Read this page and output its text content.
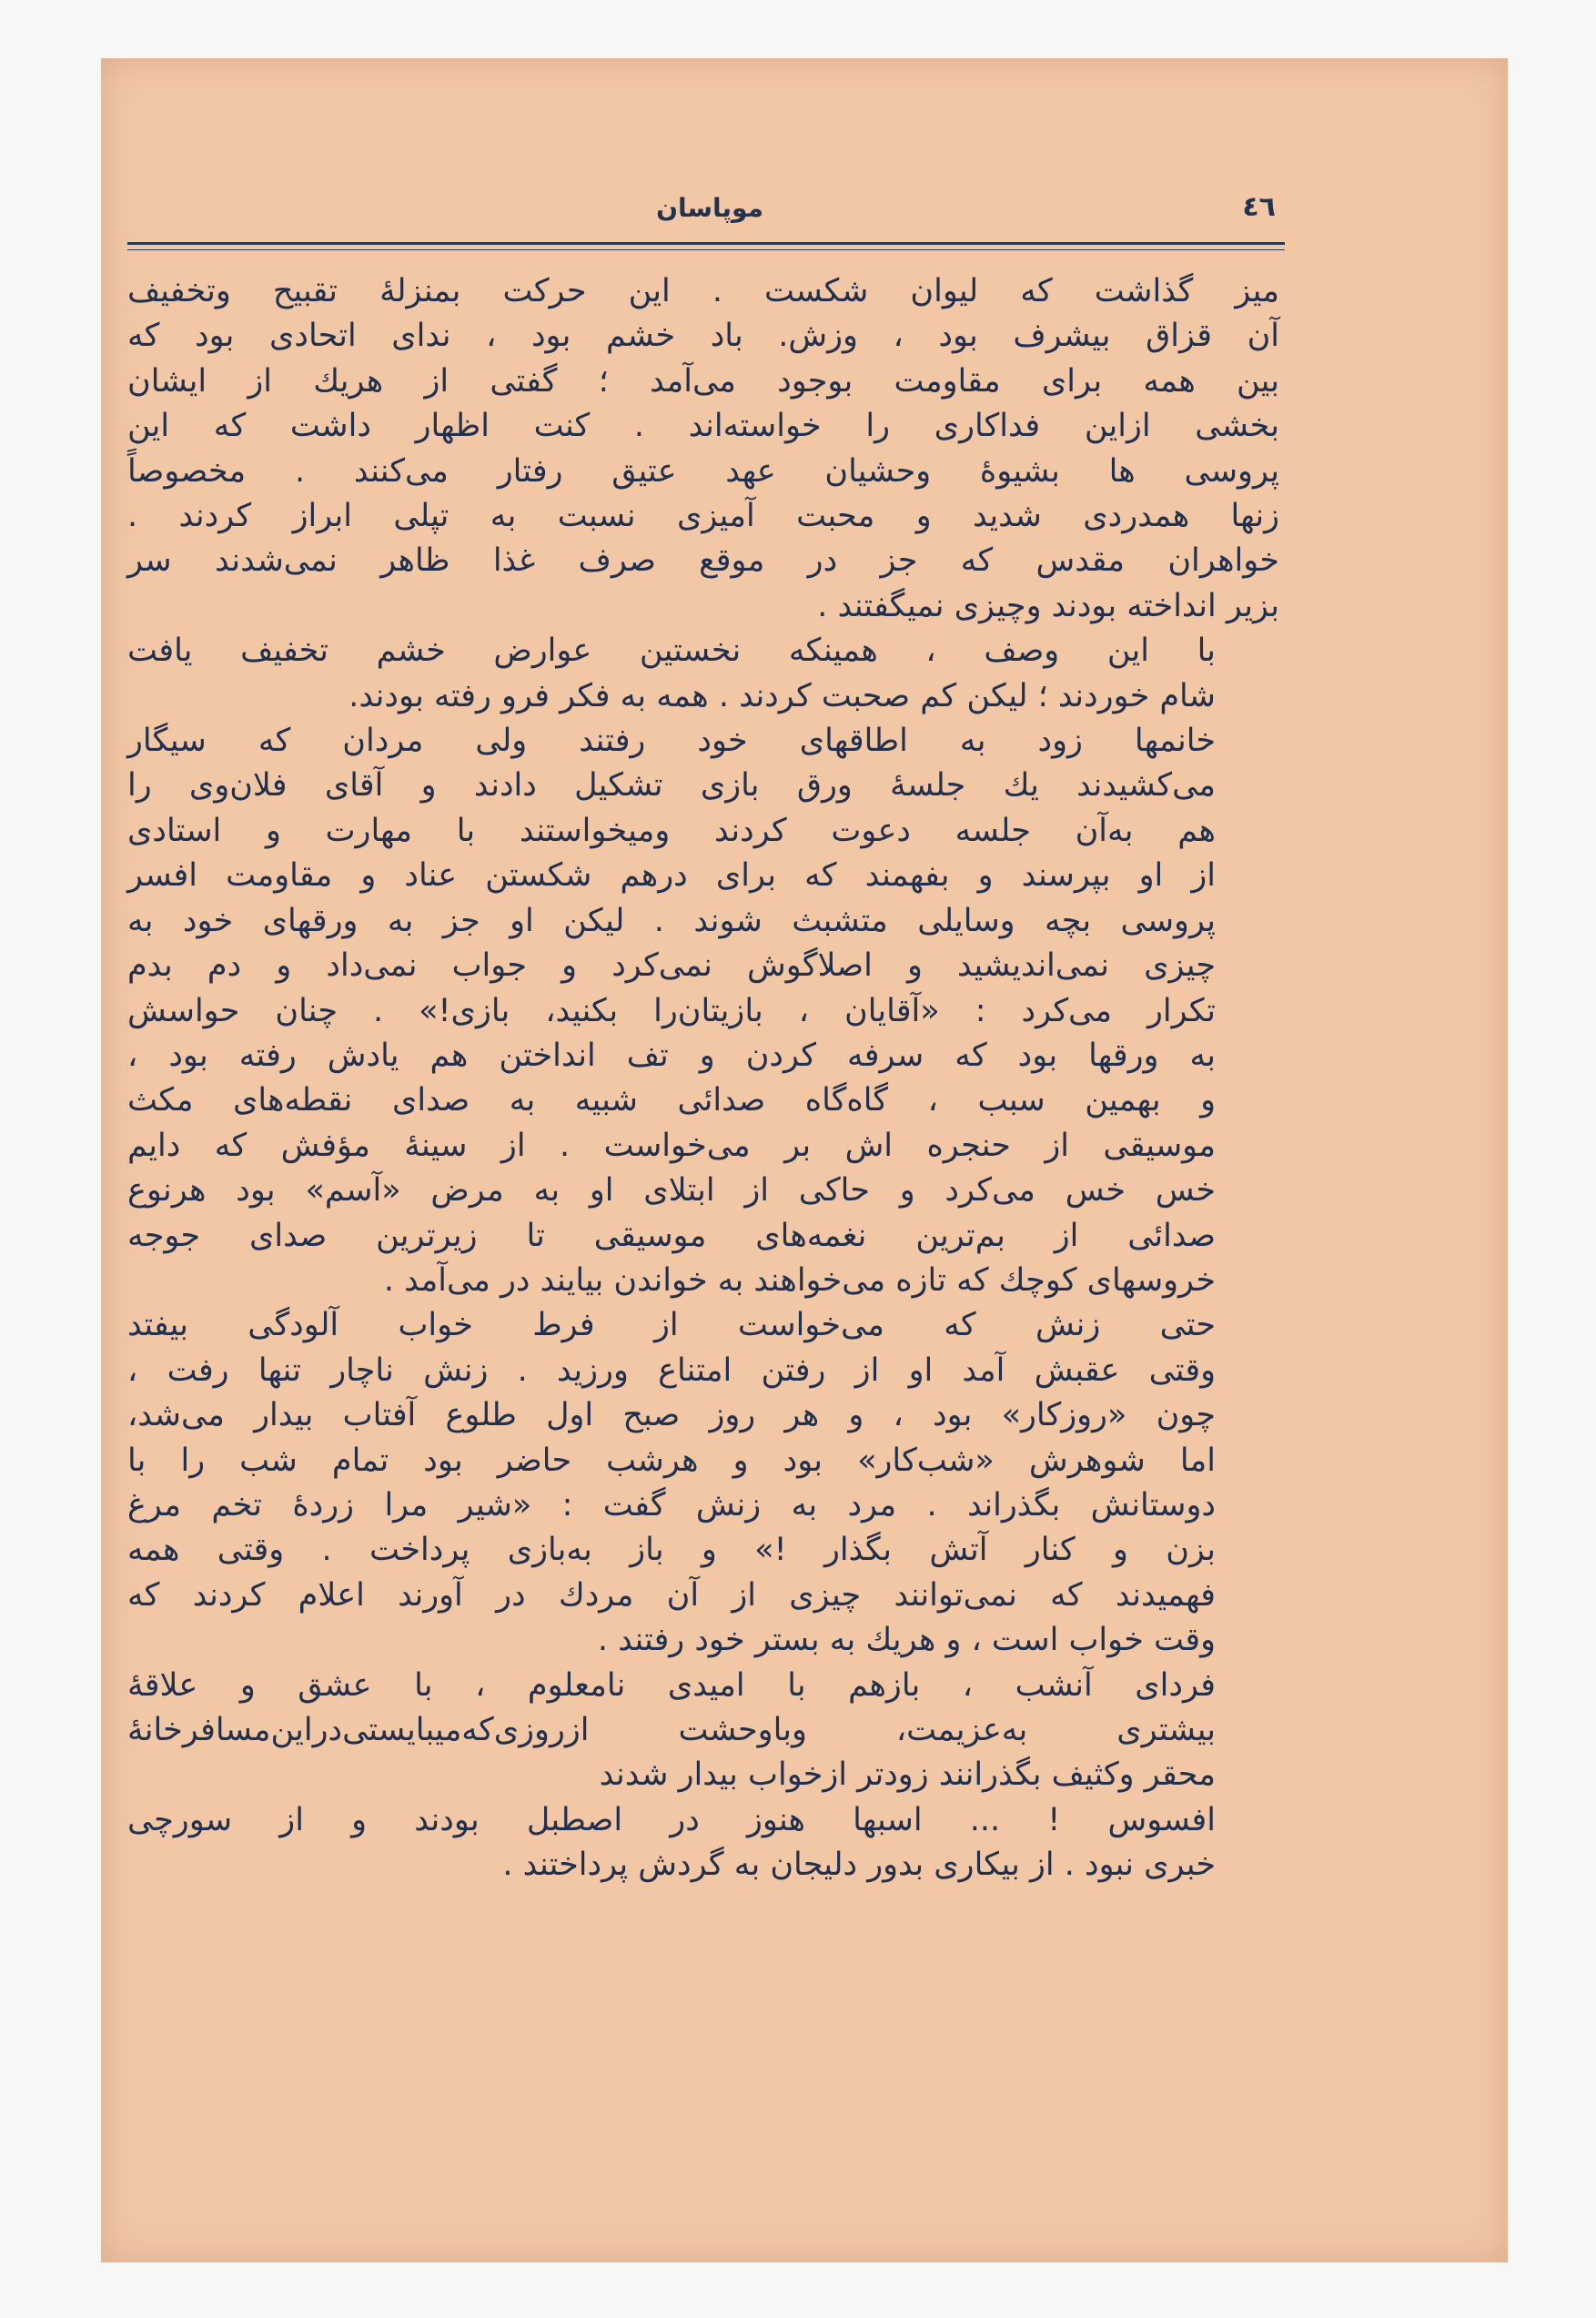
٤٦
موپاسان

میز گذاشت که لیوان شکست . این حرکت بمنزلهٔ تقبیح وتخفیف
آن قزاق بیشرف بود ، وزش. باد خشم بود ، ندای اتحادی بود که
بین همه برای مقاومت بوجود می‌آمد ؛ گفتی از هریك از ایشان
بخشی ازاین فداکاری را خواسته‌اند . کنت اظهار داشت که این
پروسی ها بشیوهٔ وحشیان عهد عتیق رفتار می‌کنند . مخصوصاً
زنها همدردی شدید و محبت آمیزی نسبت به تپلی ابراز کردند .
خواهران مقدس که جز در موقع صرف غذا ظاهر نمی‌شدند سر
بزیر انداخته بودند وچیزی نمیگفتند .

با این وصف ، همینکه نخستین عوارض خشم تخفیف یافت
شام خوردند ؛ لیکن کم صحبت کردند . همه به فکر فرو رفته بودند.

خانمها زود به اطاقهای خود رفتند ولی مردان که سیگار
می‌کشیدند یك جلسهٔ ورق بازی تشکیل دادند و آقای فلان‌وی را
هم به‌آن جلسه دعوت کردند ومیخواستند با مهارت و استادی
از او بپرسند و بفهمند که برای درهم شکستن عناد و مقاومت افسر
پروسی بچه وسایلی متشبث شوند . لیکن او جز به ورقهای خود به
چیزی نمی‌اندیشید و اصلاگوش نمی‌کرد و جواب نمی‌داد و دم بدم
تکرار می‌کرد : «آقایان ، بازیتان‌را بکنید، بازی!» . چنان حواسش
به ورقها بود که سرفه کردن و تف انداختن هم یادش رفته بود ،
و بهمین سبب ، گاه‌گاه صدائی شبیه به صدای نقطه‌های مکث
موسیقی از حنجره اش بر می‌خواست . از سینهٔ مؤفش که دایم
خس خس می‌کرد و حاکی از ابتلای او به مرض «آسم» بود هرنوع
صدائی از بم‌ترین نغمه‌های موسیقی تا زیرترین صدای جوجه
خروسهای کوچك که تازه می‌خواهند به خواندن بیایند در می‌آمد .

حتی زنش که می‌خواست از فرط خواب آلودگی بیفتد
وقتی عقبش آمد او از رفتن امتناع ورزید . زنش ناچار تنها رفت ،
چون «روزکار» بود ، و هر روز صبح اول طلوع آفتاب بیدار می‌شد،
اما شوهرش «شب‌کار» بود و هرشب حاضر بود تمام شب را با
دوستانش بگذراند . مرد به زنش گفت : «شیر مرا زردهٔ تخم مرغ
بزن و کنار آتش بگذار !» و باز به‌بازی پرداخت . وقتی همه
فهمیدند که نمی‌توانند چیزی از آن مردك در آورند اعلام کردند که
وقت خواب است ، و هریك به بستر خود رفتند .

فردای آنشب ، بازهم با امیدی نامعلوم ، با عشق و علاقهٔ
بیشتری به‌عزیمت، وباوحشت ازروزی‌که‌میبایستی‌دراین‌مسافرخانهٔ
محقر وکثیف بگذرانند زودتر ازخواب بیدار شدند

افسوس ! ... اسبها هنوز در اصطبل بودند و از سورچی
خبری نبود . از بیکاری بدور دلیجان به گردش پرداختند .
